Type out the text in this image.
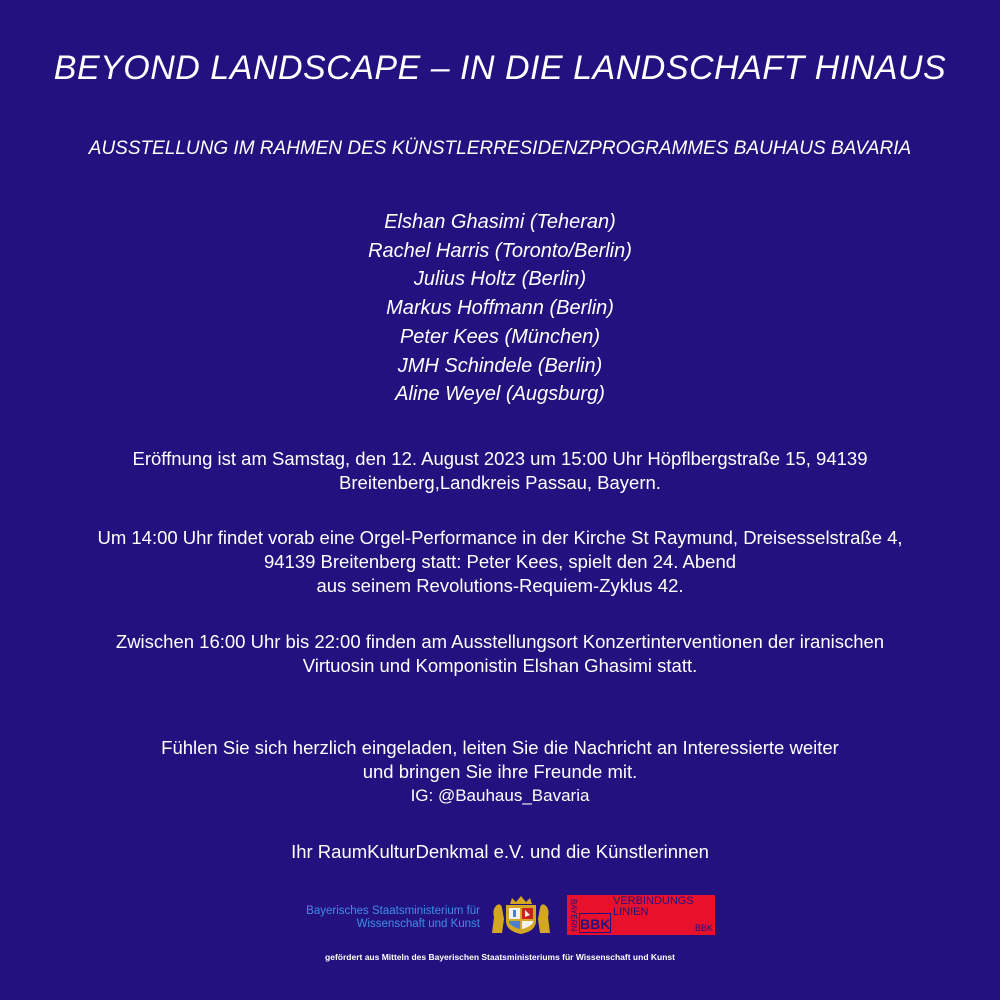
BEYOND LANDSCAPE – IN DIE LANDSCHAFT HINAUS
AUSSTELLUNG IM RAHMEN DES KÜNSTLERRESIDENZPROGRAMMES BAUHAUS BAVARIA
Elshan Ghasimi (Teheran)
Rachel Harris (Toronto/Berlin)
Julius Holtz (Berlin)
Markus Hoffmann (Berlin)
Peter Kees (München)
JMH Schindele (Berlin)
Aline Weyel (Augsburg)
Eröffnung ist am Samstag, den 12. August 2023 um 15:00 Uhr Höpflbergstraße 15, 94139
Breitenberg,Landkreis Passau, Bayern.
Um 14:00 Uhr findet vorab eine Orgel-Performance in der Kirche St Raymund, Dreisesselstraße 4,
94139 Breitenberg statt: Peter Kees, spielt den 24. Abend
aus seinem Revolutions-Requiem-Zyklus 42.
Zwischen 16:00 Uhr bis 22:00 finden am Ausstellungsort Konzertinterventionen der iranischen
Virtuosin und Komponistin Elshan Ghasimi statt.
Fühlen Sie sich herzlich eingeladen, leiten Sie die Nachricht an Interessierte weiter
und bringen Sie ihre Freunde mit.
IG: @Bauhaus_Bavaria
Ihr RaumKulturDenkmal e.V. und die Künstlerinnen
Bayerisches Staatsministerium für
Wissenschaft und Kunst	BAYERN BBK
VERBINDUNGS
LINIEN
BBK
gefördert aus Mitteln des Bayerischen Staatsministeriums für Wissenschaft und Kunst
